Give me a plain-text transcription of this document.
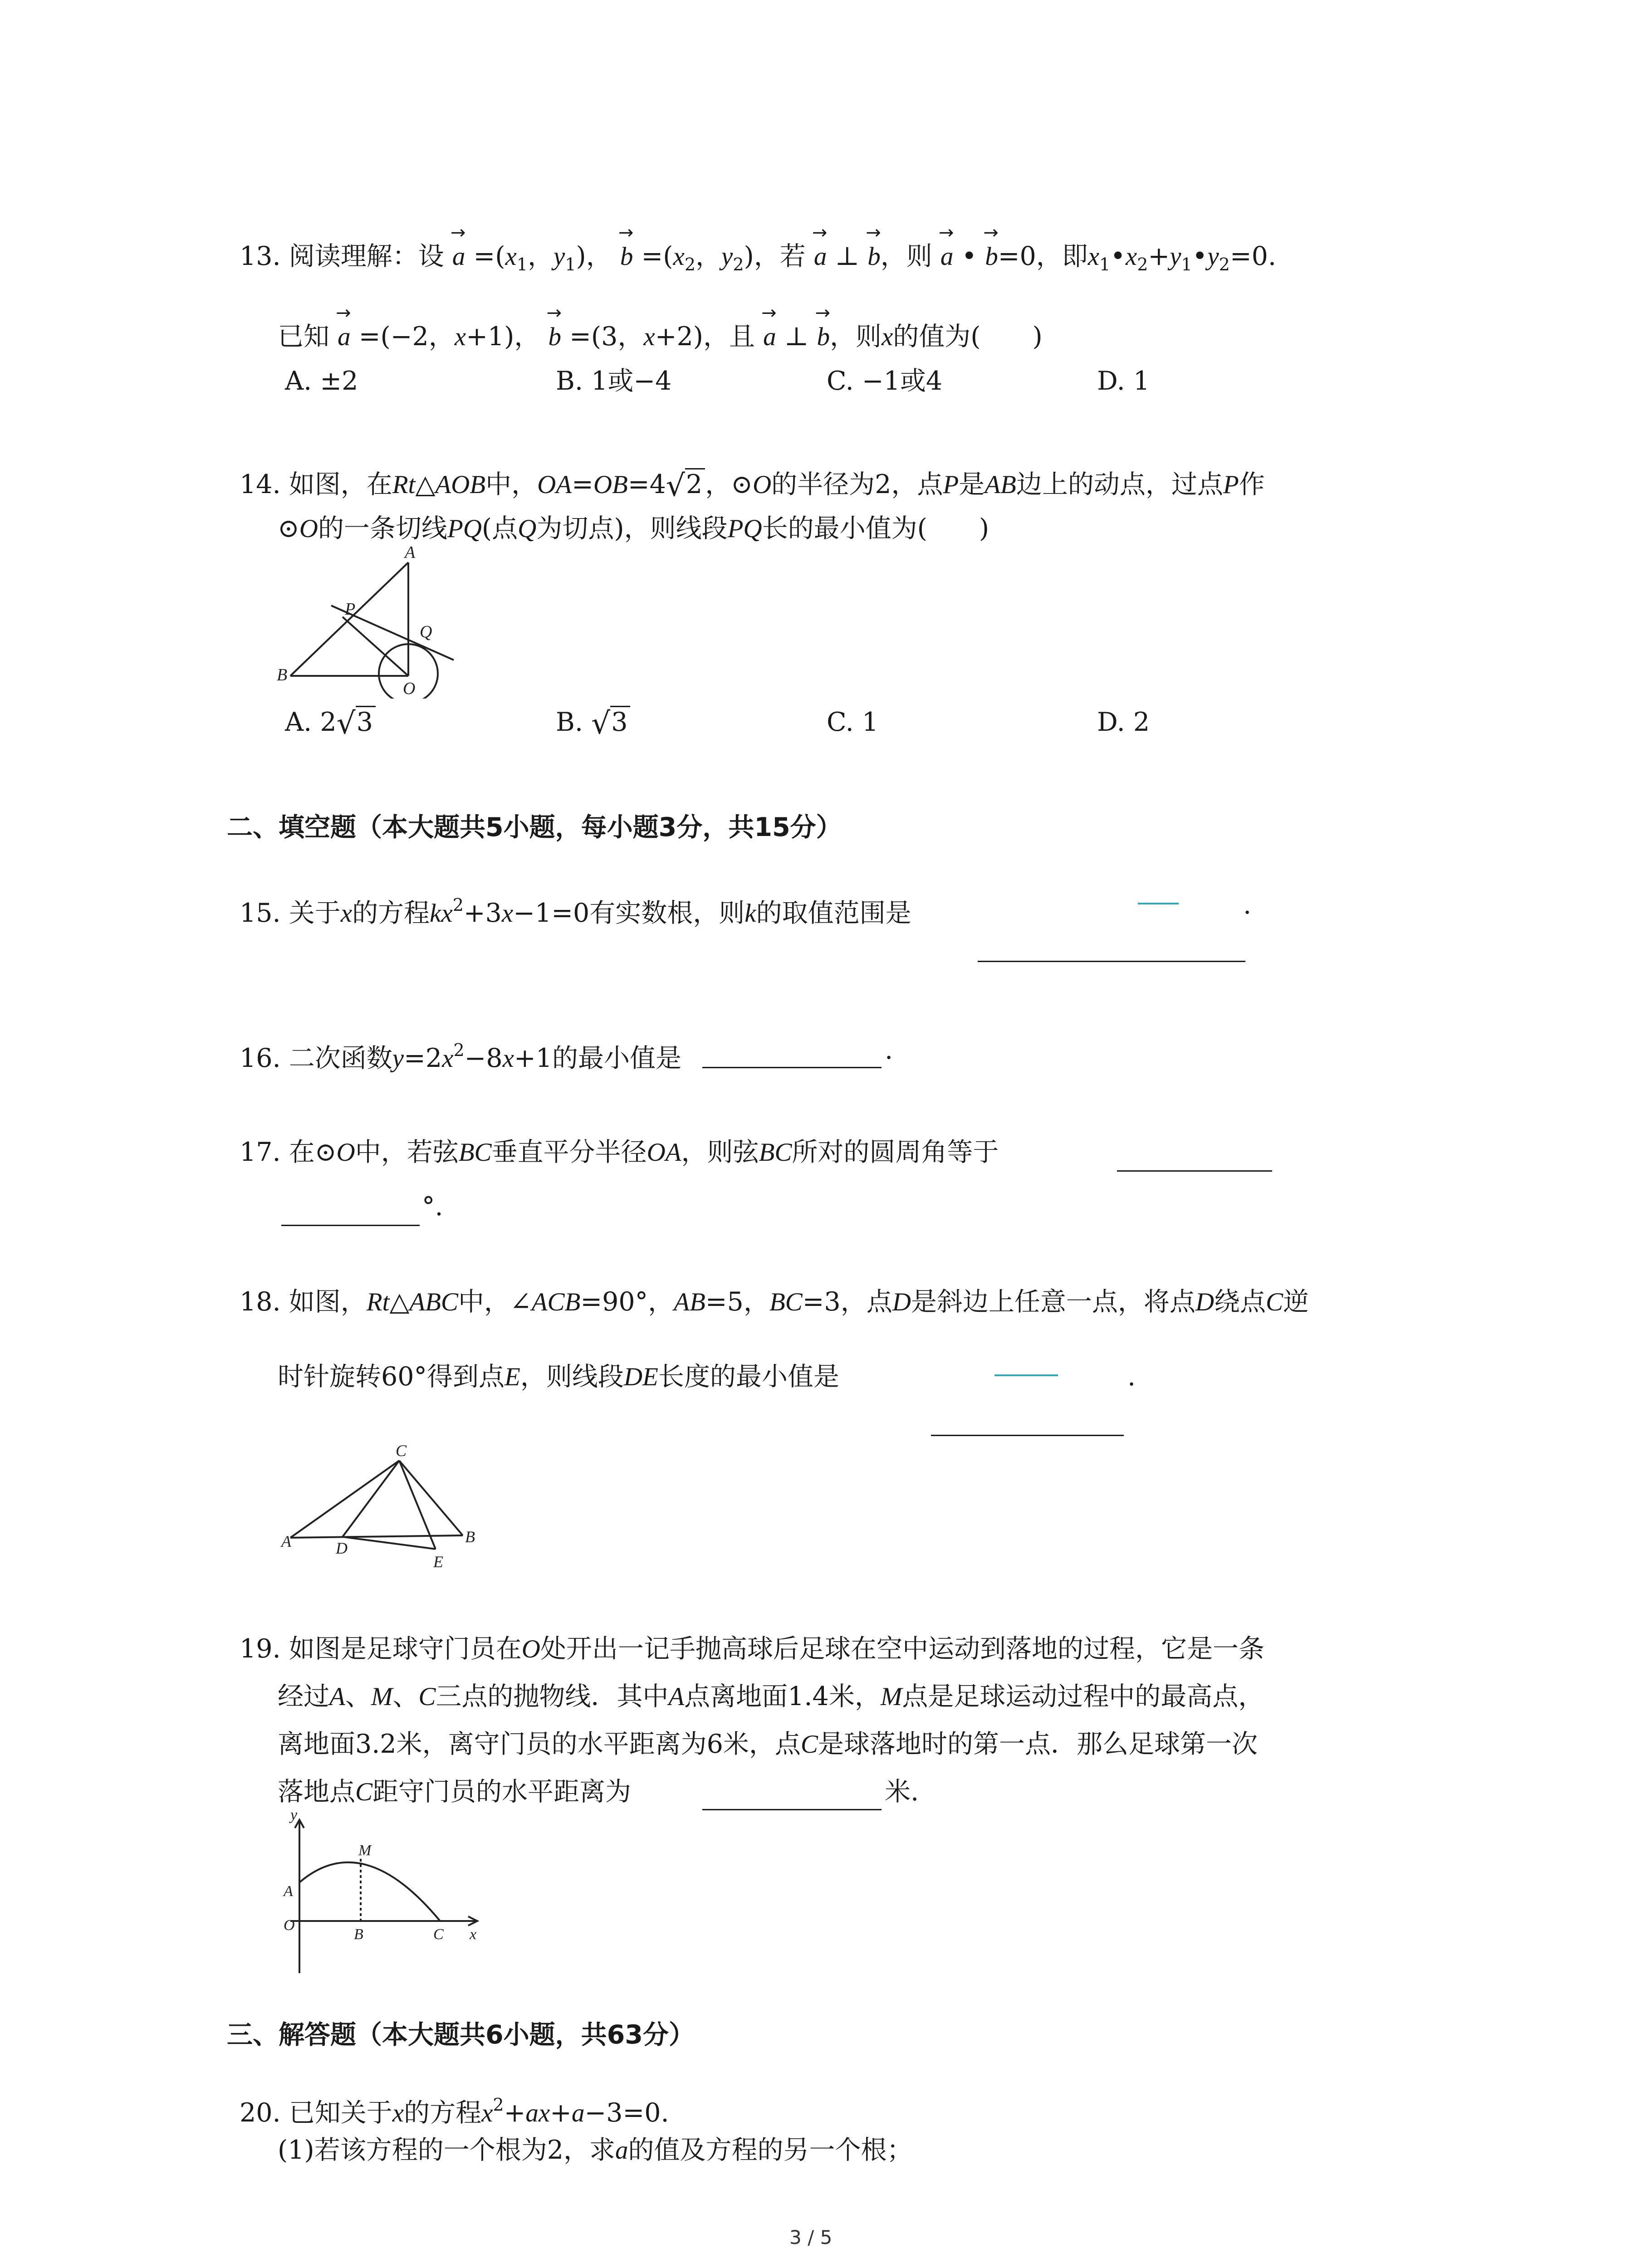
13. 阅读理解：设
→
$a =(x_1$，$y_1$)，
→
$b =(x_2$，$y_2$)，若
→
a ⊥
→
b，则
→
a •
→
b=0，即$x_1•x_2+y_1•y_2=0$.
已知
→
a =(−2，x+1)，
→
b =(3，x+2)，且
→
a ⊥
→
b，则x的值为(　　)
A. ±2	B. 1或−4	C. −1或4	D. 1
14. 如图，在Rt△AOB中，OA=OB=4√2 ，⊙O的半径为2，点P是AB边上的动点，过点P作
⊙O的一条切线PQ(点Q为切点)，则线段PQ长的最小值为(　　)
A
P
Q
B
O
A. 2√3	B. √3	C. 1	D. 2
二、填空题（本大题共5小题，每小题3分，共15分）
15. 关于x的方程$kx^2+3x-1=0$有实数根，则k的取值范围是	.
16. 二次函数$y=2x^2-8x+1$的最小值是	.
17. 在⊙O中，若弦BC垂直平分半径OA，则弦BC所对的圆周角等于
°.
18. 如图，Rt△ABC中，∠ACB=90°，AB=5，BC=3，点D是斜边上任意一点，将点D绕点C逆
时针旋转60°得到点E，则线段DE长度的最小值是	.
C
A	D
E
B
19. 如图是足球守门员在O处开出一记手抛高球后足球在空中运动到落地的过程，它是一条
经过A、M、C三点的抛物线．其中A点离地面1.4米，M点是足球运动过程中的最高点，
离地面3.2米，离守门员的水平距离为6米，点C是球落地时的第一点．那么足球第一次
落地点C距守门员的水平距离为	米.
y
M
A
O
B	C x
三、解答题（本大题共6小题，共63分）
20. 已知关于x的方程$x^2+ax+a-3=0$.
(1)若该方程的一个根为2，求a的值及方程的另一个根；
3 / 5
